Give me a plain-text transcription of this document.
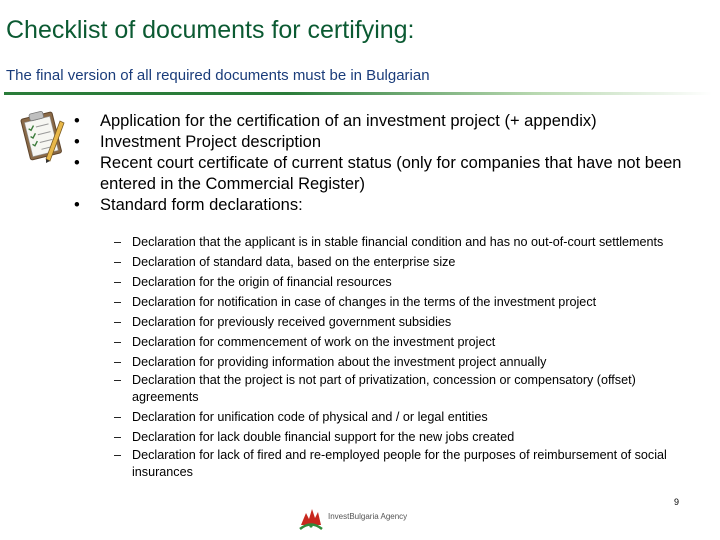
Checklist of documents for certifying:
The final version of all required documents must be in Bulgarian
• Application for the certification of an investment project (+ appendix)
• Investment Project description
• Recent court certificate of current status (only for companies that have not been entered in the Commercial Register)
• Standard form declarations:
– Declaration that the applicant is in stable financial condition and has no out-of-court settlements
– Declaration of standard data, based on the enterprise size
– Declaration for the origin of financial resources
– Declaration for notification in case of changes in the terms of the investment project
– Declaration for previously received government subsidies
– Declaration for commencement of work on the investment project
– Declaration for providing information about the investment project annually
– Declaration that the project is not part of privatization, concession or compensatory (offset) agreements
– Declaration for unification code of physical and / or legal entities
– Declaration for lack double financial support for the new jobs created
– Declaration for lack of fired and re-employed people for the purposes of reimbursement of social insurances
9
InvestBulgaria Agency
